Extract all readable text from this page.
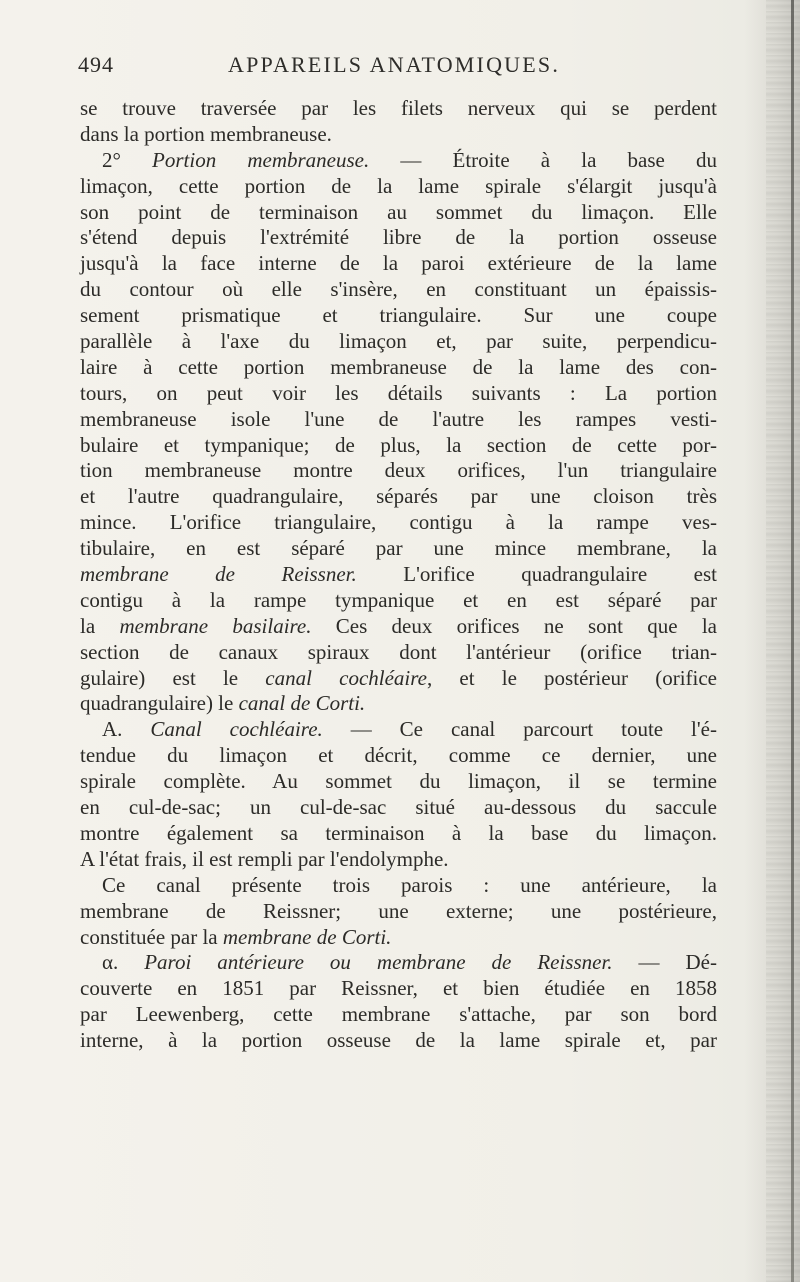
494	APPAREILS ANATOMIQUES.
se trouve traversée par les filets nerveux qui se perdent
dans la portion membraneuse.
2° Portion membraneuse. — Étroite à la base du
limaçon, cette portion de la lame spirale s'élargit jusqu'à
son point de terminaison au sommet du limaçon. Elle
s'étend depuis l'extrémité libre de la portion osseuse
jusqu'à la face interne de la paroi extérieure de la lame
du contour où elle s'insère, en constituant un épaissis-
sement prismatique et triangulaire. Sur une coupe
parallèle à l'axe du limaçon et, par suite, perpendicu-
laire à cette portion membraneuse de la lame des con-
tours, on peut voir les détails suivants : La portion
membraneuse isole l'une de l'autre les rampes vesti-
bulaire et tympanique; de plus, la section de cette por-
tion membraneuse montre deux orifices, l'un triangulaire
et l'autre quadrangulaire, séparés par une cloison très
mince. L'orifice triangulaire, contigu à la rampe ves-
tibulaire, en est séparé par une mince membrane, la
membrane de Reissner. L'orifice quadrangulaire est
contigu à la rampe tympanique et en est séparé par
la membrane basilaire. Ces deux orifices ne sont que la
section de canaux spiraux dont l'antérieur (orifice trian-
gulaire) est le canal cochléaire, et le postérieur (orifice
quadrangulaire) le canal de Corti.
A. Canal cochléaire. — Ce canal parcourt toute l'é-
tendue du limaçon et décrit, comme ce dernier, une
spirale complète. Au sommet du limaçon, il se termine
en cul-de-sac; un cul-de-sac situé au-dessous du saccule
montre également sa terminaison à la base du limaçon.
A l'état frais, il est rempli par l'endolymphe.
Ce canal présente trois parois : une antérieure, la
membrane de Reissner; une externe; une postérieure,
constituée par la membrane de Corti.
α. Paroi antérieure ou membrane de Reissner. — Dé-
couverte en 1851 par Reissner, et bien étudiée en 1858
par Leewenberg, cette membrane s'attache, par son bord
interne, à la portion osseuse de la lame spirale et, par
